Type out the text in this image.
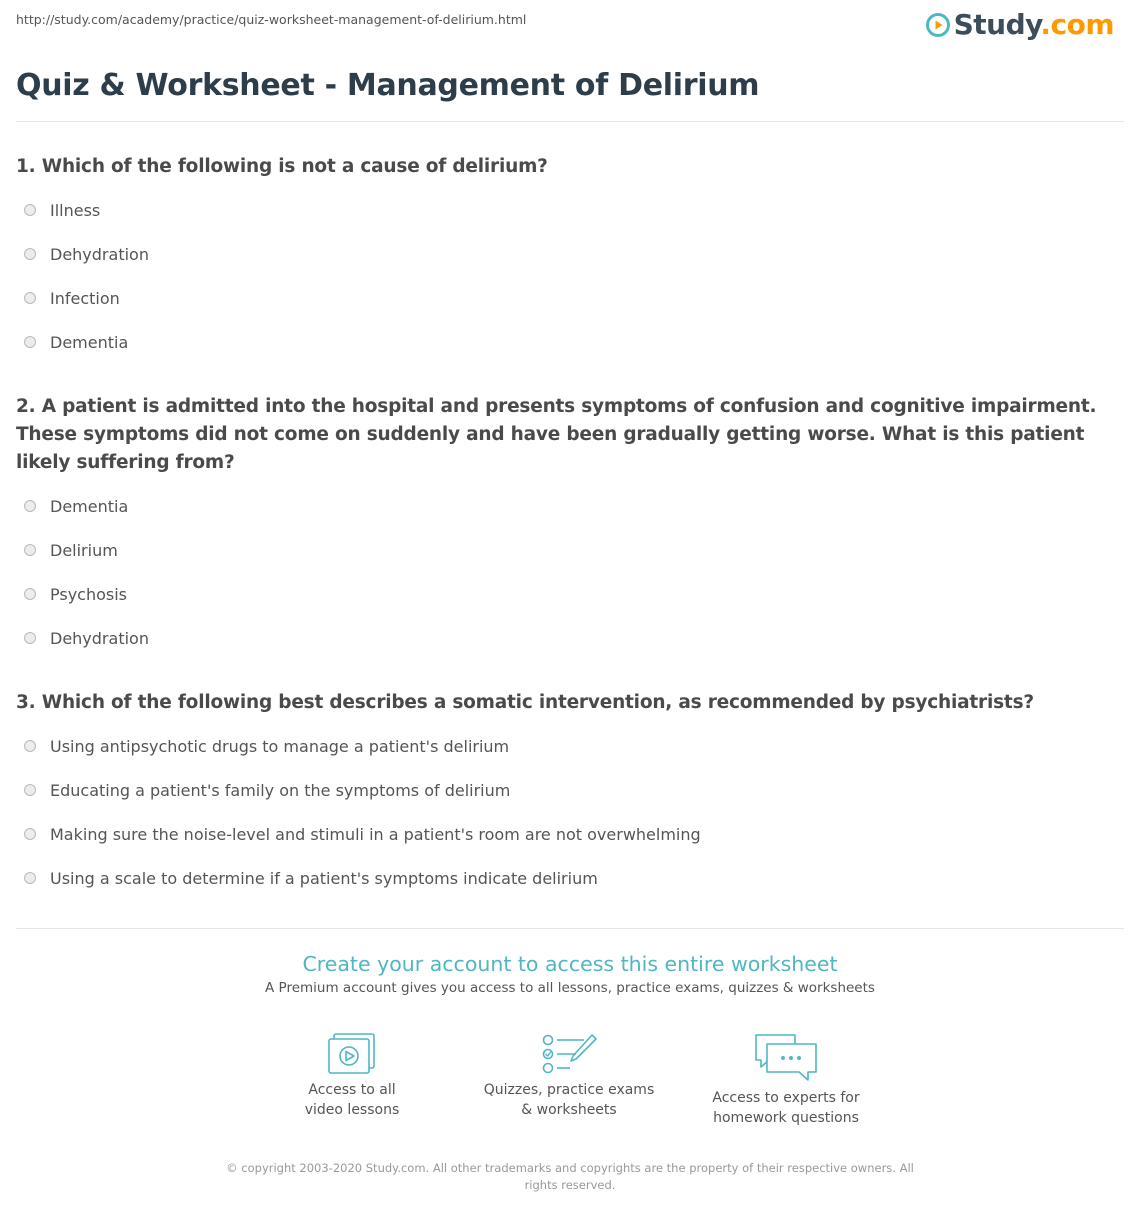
http://study.com/academy/practice/quiz-worksheet-management-of-delirium.html	Study.com
Quiz & Worksheet - Management of Delirium

1. Which of the following is not a cause of delirium?

Illness
Dehydration
Infection
Dementia

2. A patient is admitted into the hospital and presents symptoms of confusion and cognitive impairment. These symptoms did not come on suddenly and have been gradually getting worse. What is this patient likely suffering from?

Dementia
Delirium
Psychosis
Dehydration

3. Which of the following best describes a somatic intervention, as recommended by psychiatrists?

Using antipsychotic drugs to manage a patient's delirium
Educating a patient's family on the symptoms of delirium
Making sure the noise-level and stimuli in a patient's room are not overwhelming
Using a scale to determine if a patient's symptoms indicate delirium

Create your account to access this entire worksheet

A Premium account gives you access to all lessons, practice exams, quizzes & worksheets

Access to all
video lessons
Quizzes, practice exams
& worksheets
Access to experts for
homework questions
© copyright 2003-2020 Study.com. All other trademarks and copyrights are the property of their respective owners. All rights reserved.
